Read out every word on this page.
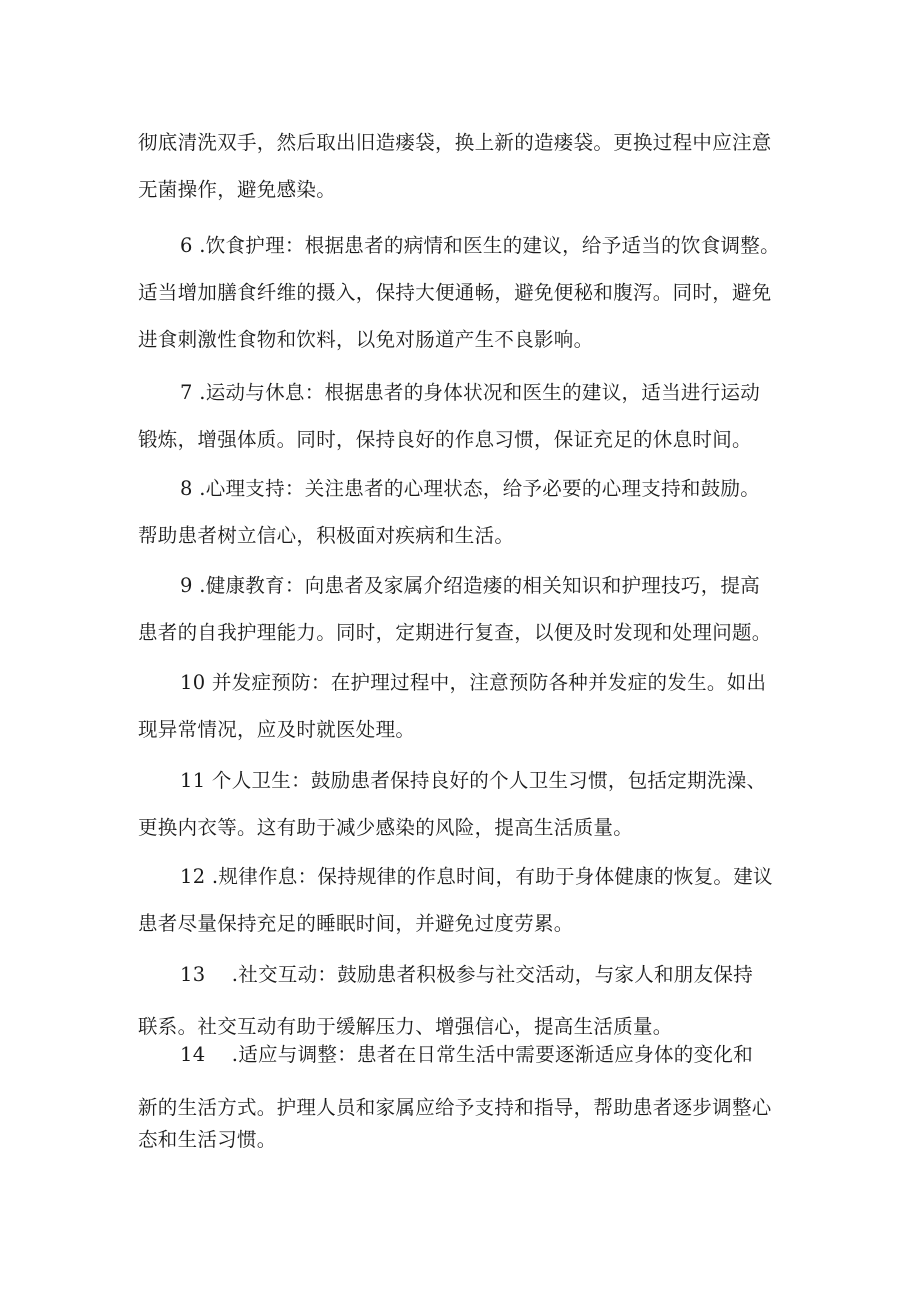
彻底清洗双手，然后取出旧造瘘袋，换上新的造瘘袋。更换过程中应注意
无菌操作，避免感染。
6 .饮食护理：根据患者的病情和医生的建议，给予适当的饮食调整。
适当增加膳食纤维的摄入，保持大便通畅，避免便秘和腹泻。同时，避免
进食刺激性食物和饮料，以免对肠道产生不良影响。
7 .运动与休息：根据患者的身体状况和医生的建议，适当进行运动
锻炼，增强体质。同时，保持良好的作息习惯，保证充足的休息时间。
8 .心理支持：关注患者的心理状态，给予必要的心理支持和鼓励。
帮助患者树立信心，积极面对疾病和生活。
9 .健康教育：向患者及家属介绍造瘘的相关知识和护理技巧，提高
患者的自我护理能力。同时，定期进行复查，以便及时发现和处理问题。
10 并发症预防：在护理过程中，注意预防各种并发症的发生。如出
现异常情况，应及时就医处理。
11 个人卫生：鼓励患者保持良好的个人卫生习惯，包括定期洗澡、
更换内衣等。这有助于减少感染的风险，提高生活质量。
12 .规律作息：保持规律的作息时间，有助于身体健康的恢复。建议
患者尽量保持充足的睡眠时间，并避免过度劳累。
13　 .社交互动：鼓励患者积极参与社交活动，与家人和朋友保持
联系。社交互动有助于缓解压力、增强信心，提高生活质量。
14　 .适应与调整：患者在日常生活中需要逐渐适应身体的变化和
新的生活方式。护理人员和家属应给予支持和指导，帮助患者逐步调整心
态和生活习惯。
